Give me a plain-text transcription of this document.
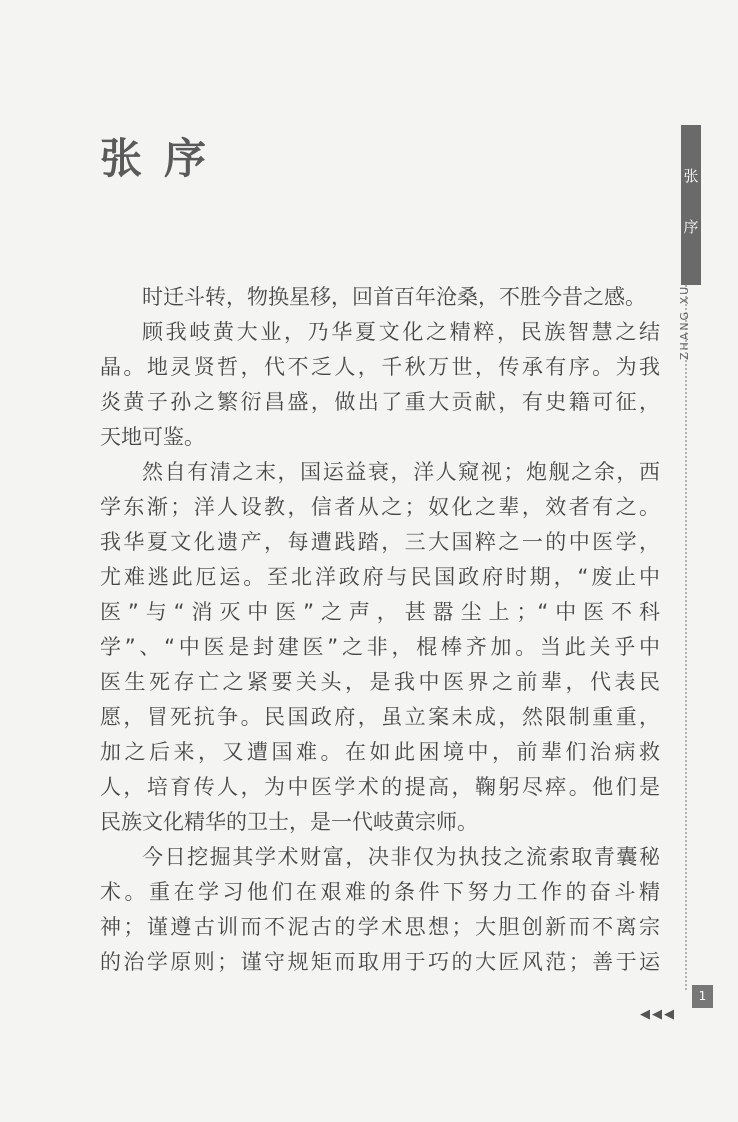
张序
时迁斗转，物换星移，回首百年沧桑，不胜今昔之感。
顾我岐黄大业，乃华夏文化之精粹，民族智慧之结
晶。地灵贤哲，代不乏人，千秋万世，传承有序。为我
炎黄子孙之繁衍昌盛，做出了重大贡献，有史籍可征，
天地可鉴。
然自有清之末，国运益衰，洋人窥视；炮舰之余，西
学东渐；洋人设教，信者从之；奴化之辈，效者有之。
我华夏文化遗产，每遭践踏，三大国粹之一的中医学，
尤难逃此厄运。至北洋政府与民国政府时期，“废止中
医”与“消灭中医”之声，甚嚣尘上；“中医不科
学”、“中医是封建医”之非，棍棒齐加。当此关乎中
医生死存亡之紧要关头，是我中医界之前辈，代表民
愿，冒死抗争。民国政府，虽立案未成，然限制重重，
加之后来，又遭国难。在如此困境中，前辈们治病救
人，培育传人，为中医学术的提高，鞠躬尽瘁。他们是
民族文化精华的卫士，是一代岐黄宗师。
今日挖掘其学术财富，决非仅为执技之流索取青囊秘
术。重在学习他们在艰难的条件下努力工作的奋斗精
神；谨遵古训而不泥古的学术思想；大胆创新而不离宗
的治学原则；谨守规矩而取用于巧的大匠风范；善于运
张
序
ZHANG XU
1
◀◀◀
